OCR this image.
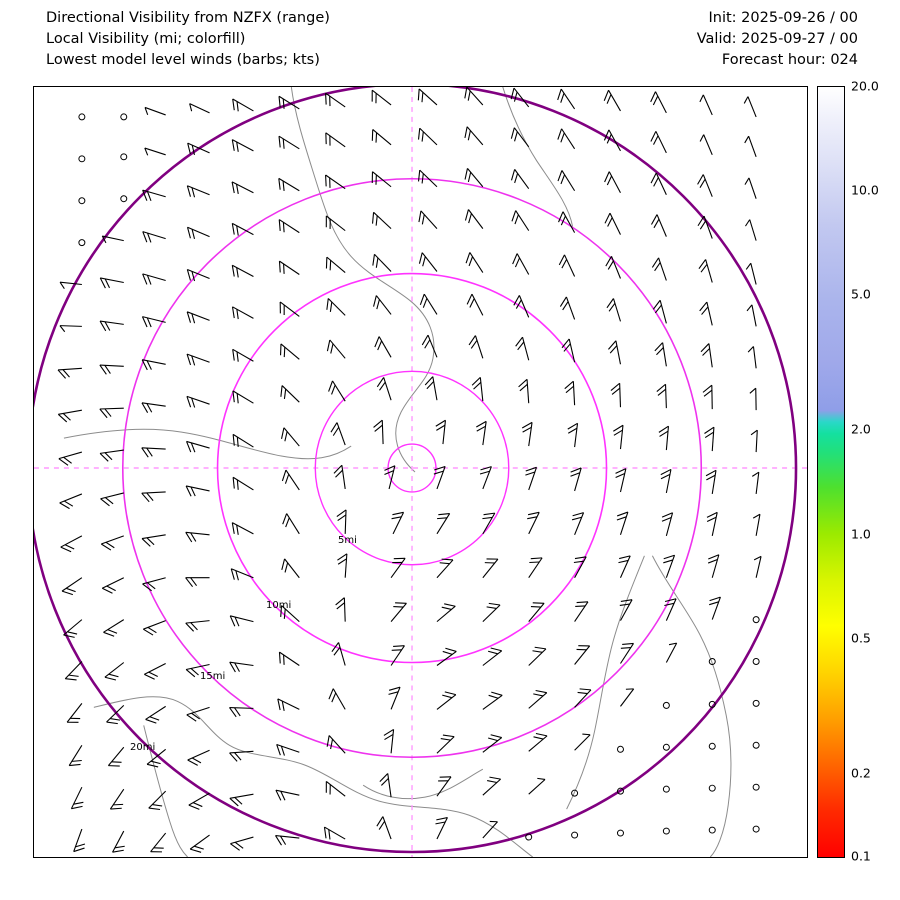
Directional Visibility from NZFX (range)
Local Visibility (mi; colorfill)
Lowest model level winds (barbs; kts)
Init: 2025-09-26 / 00
Valid: 2025-09-27 / 00
Forecast hour: 024
5mi
10mi
15mi
20mi
20.0
10.0
5.0
2.0
1.0
0.5
0.2
0.1
